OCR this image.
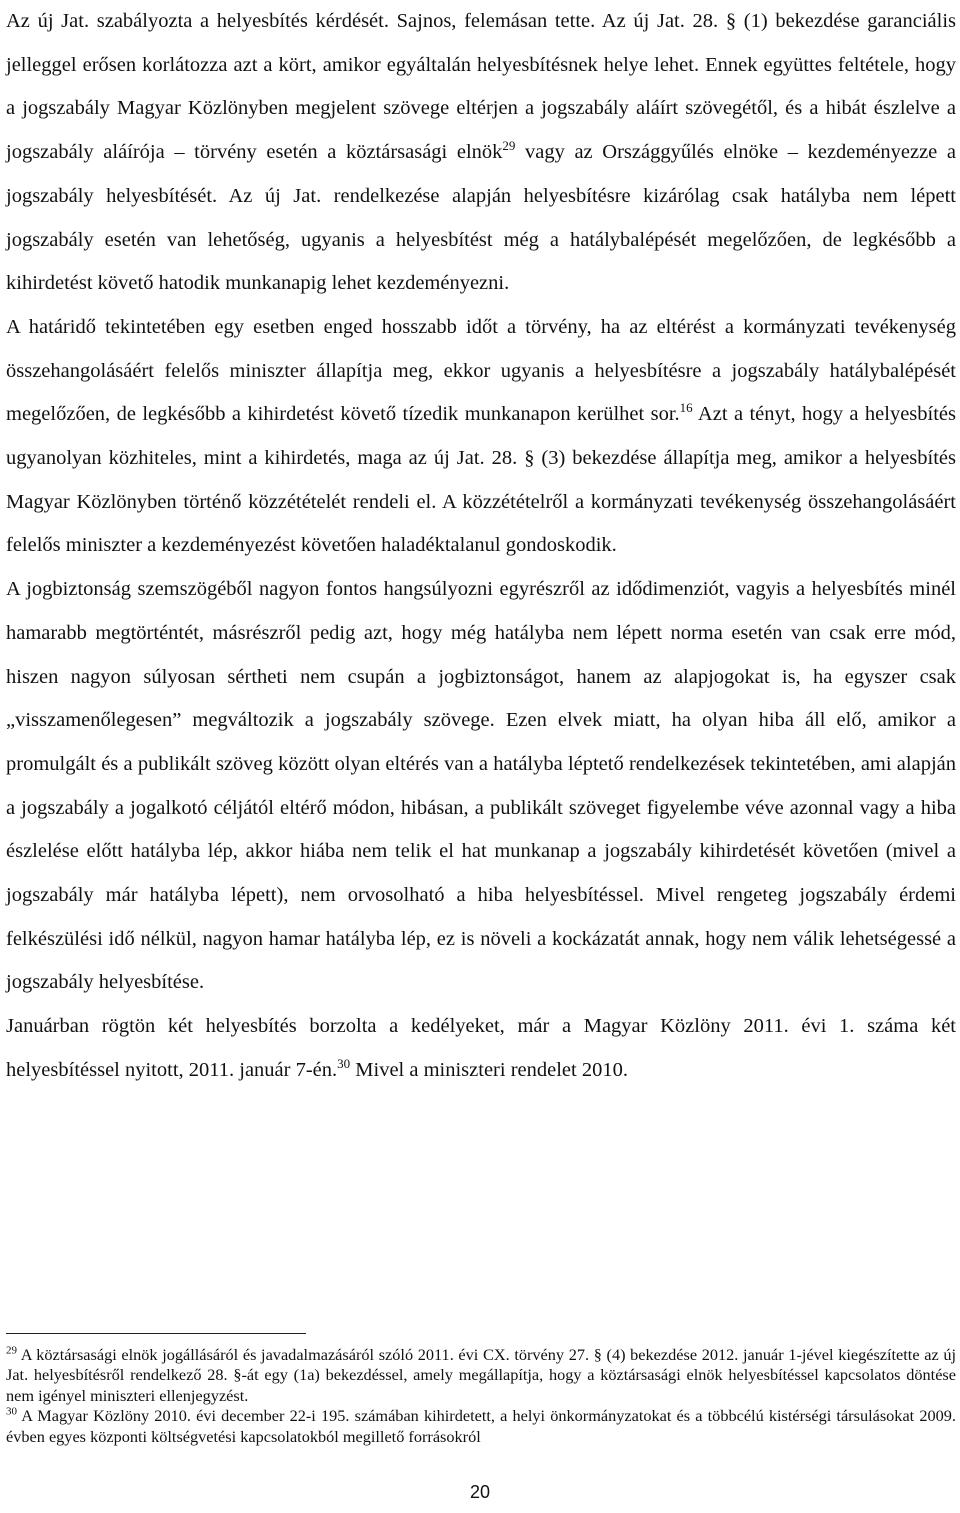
Az új Jat. szabályozta a helyesbítés kérdését. Sajnos, felemásan tette. Az új Jat. 28. § (1) bekezdése garanciális jelleggel erősen korlátozza azt a kört, amikor egyáltalán helyesbítésnek helye lehet. Ennek együttes feltétele, hogy a jogszabály Magyar Közlönyben megjelent szövege eltérjen a jogszabály aláírt szövegétől, és a hibát észlelve a jogszabály aláírója – törvény esetén a köztársasági elnök$^{29}$ vagy az Országgyűlés elnöke – kezdeményezze a jogszabály helyesbítését. Az új Jat. rendelkezése alapján helyesbítésre kizárólag csak hatályba nem lépett jogszabály esetén van lehetőség, ugyanis a helyesbítést még a hatálybalépését megelőzően, de legkésőbb a kihirdetést követő hatodik munkanapig lehet kezdeményezni.

A határidő tekintetében egy esetben enged hosszabb időt a törvény, ha az eltérést a kormányzati tevékenység összehangolásáért felelős miniszter állapítja meg, ekkor ugyanis a helyesbítésre a jogszabály hatálybalépését megelőzően, de legkésőbb a kihirdetést követő tízedik munkanapon kerülhet sor.$^{16}$ Azt a tényt, hogy a helyesbítés ugyanolyan közhiteles, mint a kihirdetés, maga az új Jat. 28. § (3) bekezdése állapítja meg, amikor a helyesbítés Magyar Közlönyben történő közzétételét rendeli el. A közzétételről a kormányzati tevékenység összehangolásáért felelős miniszter a kezdeményezést követően haladéktalanul gondoskodik.

A jogbiztonság szemszögéből nagyon fontos hangsúlyozni egyrészről az idődimenziót, vagyis a helyesbítés minél hamarabb megtörténtét, másrészről pedig azt, hogy még hatályba nem lépett norma esetén van csak erre mód, hiszen nagyon súlyosan sértheti nem csupán a jogbiztonságot, hanem az alapjogokat is, ha egyszer csak „visszamenőlegesen” megváltozik a jogszabály szövege. Ezen elvek miatt, ha olyan hiba áll elő, amikor a promulgált és a publikált szöveg között olyan eltérés van a hatályba léptető rendelkezések tekintetében, ami alapján a jogszabály a jogalkotó céljától eltérő módon, hibásan, a publikált szöveget figyelembe véve azonnal vagy a hiba észlelése előtt hatályba lép, akkor hiába nem telik el hat munkanap a jogszabály kihirdetését követően (mivel a jogszabály már hatályba lépett), nem orvosolható a hiba helyesbítéssel. Mivel rengeteg jogszabály érdemi felkészülési idő nélkül, nagyon hamar hatályba lép, ez is növeli a kockázatát annak, hogy nem válik lehetségessé a jogszabály helyesbítése.

Januárban rögtön két helyesbítés borzolta a kedélyeket, már a Magyar Közlöny 2011. évi 1. száma két helyesbítéssel nyitott, 2011. január 7-én.$^{30}$ Mivel a miniszteri rendelet 2010.

$^{29}$ A köztársasági elnök jogállásáról és javadalmazásáról szóló 2011. évi CX. törvény 27. § (4) bekezdése 2012. január 1-jével kiegészítette az új Jat. helyesbítésről rendelkező 28. §-át egy (1a) bekezdéssel, amely megállapítja, hogy a köztársasági elnök helyesbítéssel kapcsolatos döntése nem igényel miniszteri ellenjegyzést.

$^{30}$ A Magyar Közlöny 2010. évi december 22-i 195. számában kihirdetett, a helyi önkormányzatokat és a többcélú kistérségi társulásokat 2009. évben egyes központi költségvetési kapcsolatokból megillető forrásokról

20
